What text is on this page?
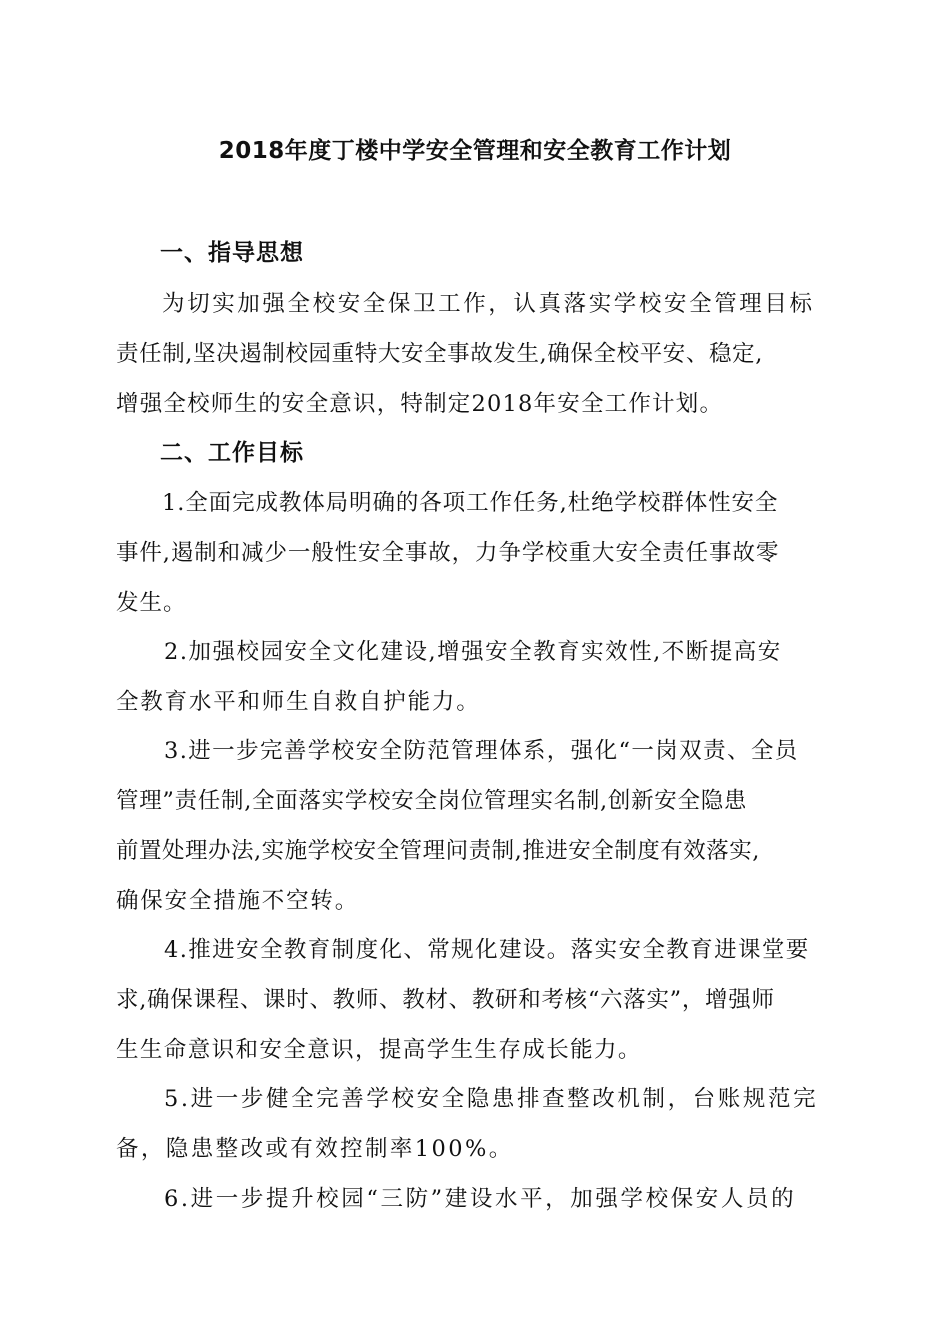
2018年度丁楼中学安全管理和安全教育工作计划
一、指导思想
为切实加强全校安全保卫工作，认真落实学校安全管理目标
责任制,坚决遏制校园重特大安全事故发生,确保全校平安、稳定,
增强全校师生的安全意识，特制定2018年安全工作计划。
二、工作目标
1.全面完成教体局明确的各项工作任务,杜绝学校群体性安全
事件,遏制和减少一般性安全事故，力争学校重大安全责任事故零
发生。
2.加强校园安全文化建设,增强安全教育实效性,不断提高安
全教育水平和师生自救自护能力。
3.进一步完善学校安全防范管理体系，强化“一岗双责、全员
管理”责任制,全面落实学校安全岗位管理实名制,创新安全隐患
前置处理办法,实施学校安全管理问责制,推进安全制度有效落实,
确保安全措施不空转。
4.推进安全教育制度化、常规化建设。落实安全教育进课堂要
求,确保课程、课时、教师、教材、教研和考核“六落实”，增强师
生生命意识和安全意识，提高学生生存成长能力。
5.进一步健全完善学校安全隐患排查整改机制，台账规范完
备，隐患整改或有效控制率100%。
6.进一步提升校园“三防”建设水平，加强学校保安人员的
